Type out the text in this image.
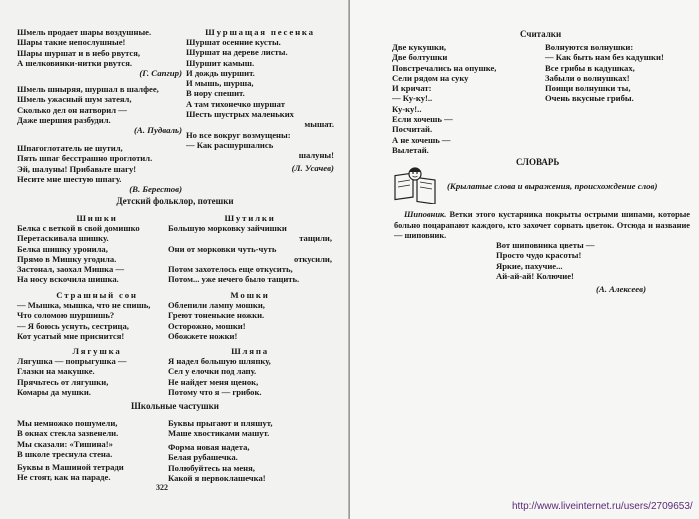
Шмель продает шары воздушные.
Шары такие непослушные!
Шары шуршат и в небо рвутся,
А шелковинки-нитки рвутся.
(Г. Сапгир)
Шмель шныряя, шуршал в шалфее,
Шмель ужасный шум затеял,
Сколько дел он натворил —
Даже шершня разбудил.
(А. Пудваль)
Шпагоглотатель не шутил,
Пять шпаг бесстрашно проглотил.
Эй, шалуны! Прибавьте шагу!
Несите мне шестую шпагу.
(В. Берестов)
Шуршащая песенка
Шуршат осенние кусты.
Шуршат на дереве листы.
Шуршит камыш.
И дождь шуршит.
И мышь, шурша,
В нору спешит.
А там тихонечко шуршат
Шесть шустрых маленьких
мышат.
Но все вокруг возмущены:
— Как расшуршались
шалуны!
(Л. Усачев)
Детский фольклор, потешки
Шишки
Белка с веткой в свой домишко
Перетаскивала шишку.
Белка шишку уронила,
Прямо в Мишку угодила.
Застонал, заохал Мишка —
На носу вскочила шишка.
Шутилки
Большую морковку зайчишки
тащили,
Они от морковки чуть-чуть
откусили,
Потом захотелось еще откусить,
Потом... уже нечего было тащить.
Страшный сон
— Мышка, мышка, что не спишь,
Что соломою шуршишь?
— Я боюсь уснуть, сестрица,
Кот усатый мне приснится!
Мошки
Облепили лампу мошки,
Греют тоненькие ножки.
Осторожно, мошки!
Обожжете ножки!
Лягушка
Лягушка — попрыгушка —
Глазки на макушке.
Прячьтесь от лягушки,
Комары да мушки.
Шляпа
Я надел большую шляпку,
Сел у елочки под лапу.
Не найдет меня щенок,
Потому что я — грибок.
Школьные частушки
Мы немножко пошумели,
В окнах стекла зазвенели.
Мы сказали: «Тишина!»
В школе треснула стена.
Буквы прыгают и пляшут,
Маше хвостиками машут.
Буквы в Машиной тетради
Не стоят, как на параде.
Форма новая надета,
Белая рубашечка.
Полюбуйтесь на меня,
Какой я первоклашечка!
322
Считалки
Две кукушки,
Две болтушки
Повстречались на опушке,
Сели рядом на суку
И кричат:
— Ку-ку!..
Ку-ку!..
Если хочешь —
Посчитай.
А не хочешь —
Вылетай.
Волнуются волнушки:
— Как быть нам без кадушки!
Все грибы в кадушках,
Забыли о волнушках!
Поищи волнушки ты,
Очень вкусные грибы.
СЛОВАРЬ
(Крылатые слова и выражения, происхождение слов)
Шиповник. Ветки этого кустарника покрыты острыми шипами, которые больно поцарапают каждого, кто захочет сорвать цветок. Отсюда и название — шиповник.
Вот шиповника цветы —
Просто чудо красоты!
Яркие, пахучие...
Ай-ай-ай! Колючие!
(А. Алексеев)
http://www.liveinternet.ru/users/2709653/
